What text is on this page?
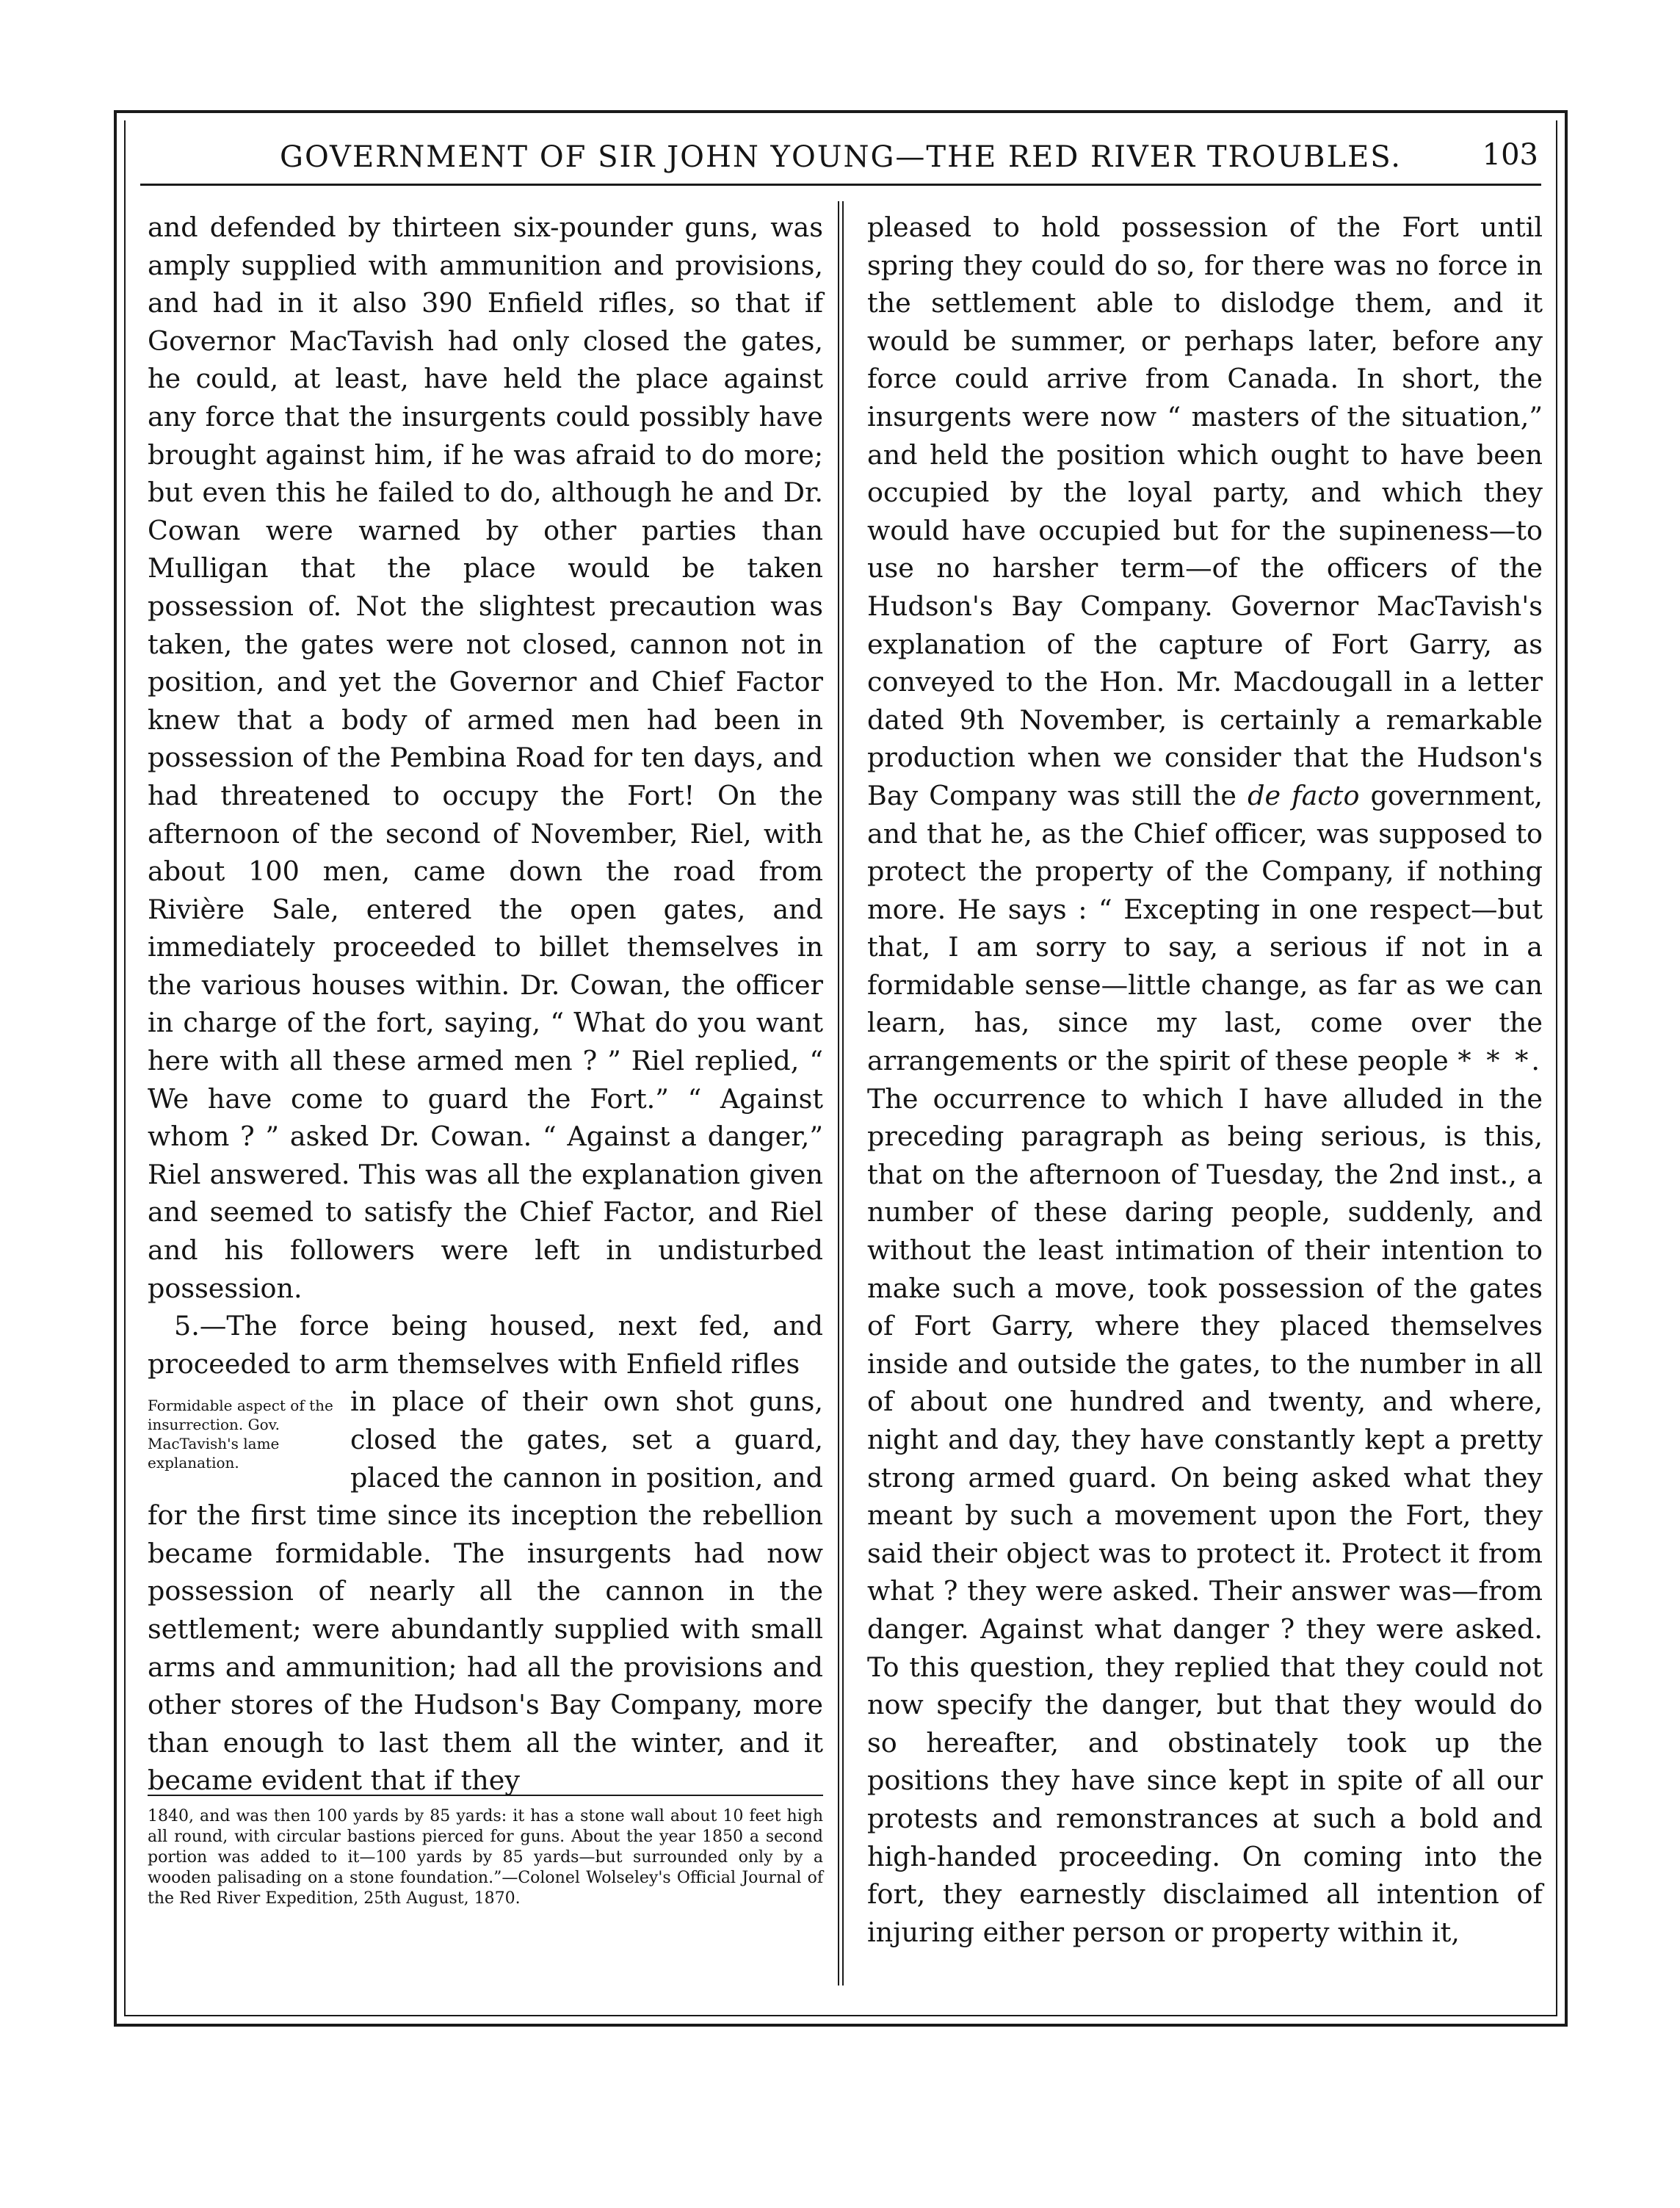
GOVERNMENT OF SIR JOHN YOUNG—THE RED RIVER TROUBLES.	103

and defended by thirteen six-pounder guns, was amply supplied with ammunition and provisions, and had in it also 390 Enfield rifles, so that if Governor MacTavish had only closed the gates, he could, at least, have held the place against any force that the insurgents could possibly have brought against him, if he was afraid to do more; but even this he failed to do, although he and Dr. Cowan were warned by other parties than Mulligan that the place would be taken possession of. Not the slightest precaution was taken, the gates were not closed, cannon not in position, and yet the Governor and Chief Factor knew that a body of armed men had been in possession of the Pembina Road for ten days, and had threatened to occupy the Fort! On the afternoon of the second of November, Riel, with about 100 men, came down the road from Rivière Sale, entered the open gates, and immediately proceeded to billet themselves in the various houses within. Dr. Cowan, the officer in charge of the fort, saying, “ What do you want here with all these armed men ? ” Riel replied, “ We have come to guard the Fort.” “ Against whom ? ” asked Dr. Cowan. “ Against a danger,” Riel answered. This was all the explanation given and seemed to satisfy the Chief Factor, and Riel and his followers were left in undisturbed possession.

5.—The force being housed, next fed, and proceeded to arm themselves with Enfield rifles

Formidable aspect of the insurrection. Gov. MacTavish's lame explanation.

in place of their own shot guns, closed the gates, set a guard, placed the cannon in position, and for the first time since its inception the rebellion became formidable. The insurgents had now possession of nearly all the cannon in the settlement; were abundantly supplied with small arms and ammunition; had all the provisions and other stores of the Hudson's Bay Company, more than enough to last them all the winter, and it became evident that if they

1840, and was then 100 yards by 85 yards: it has a stone wall about 10 feet high all round, with circular bastions pierced for guns. About the year 1850 a second portion was added to it—100 yards by 85 yards—but surrounded only by a wooden palisading on a stone foundation.”—Colonel Wolseley's Official Journal of the Red River Expedition, 25th August, 1870.

pleased to hold possession of the Fort until spring they could do so, for there was no force in the settlement able to dislodge them, and it would be summer, or perhaps later, before any force could arrive from Canada. In short, the insurgents were now “ masters of the situation,” and held the position which ought to have been occupied by the loyal party, and which they would have occupied but for the supineness—to use no harsher term—of the officers of the Hudson's Bay Company. Governor MacTavish's explanation of the capture of Fort Garry, as conveyed to the Hon. Mr. Macdougall in a letter dated 9th November, is certainly a remarkable production when we consider that the Hudson's Bay Company was still the de facto government, and that he, as the Chief officer, was supposed to protect the property of the Company, if nothing more. He says : “ Excepting in one respect—but that, I am sorry to say, a serious if not in a formidable sense—little change, as far as we can learn, has, since my last, come over the arrangements or the spirit of these people * * *. The occurrence to which I have alluded in the preceding paragraph as being serious, is this, that on the afternoon of Tuesday, the 2nd inst., a number of these daring people, suddenly, and without the least intimation of their intention to make such a move, took possession of the gates of Fort Garry, where they placed themselves inside and outside the gates, to the number in all of about one hundred and twenty, and where, night and day, they have constantly kept a pretty strong armed guard. On being asked what they meant by such a movement upon the Fort, they said their object was to protect it. Protect it from what ? they were asked. Their answer was—from danger. Against what danger ? they were asked. To this question, they replied that they could not now specify the danger, but that they would do so hereafter, and obstinately took up the positions they have since kept in spite of all our protests and remonstrances at such a bold and high-handed proceeding. On coming into the fort, they earnestly disclaimed all intention of injuring either person or property within it,
